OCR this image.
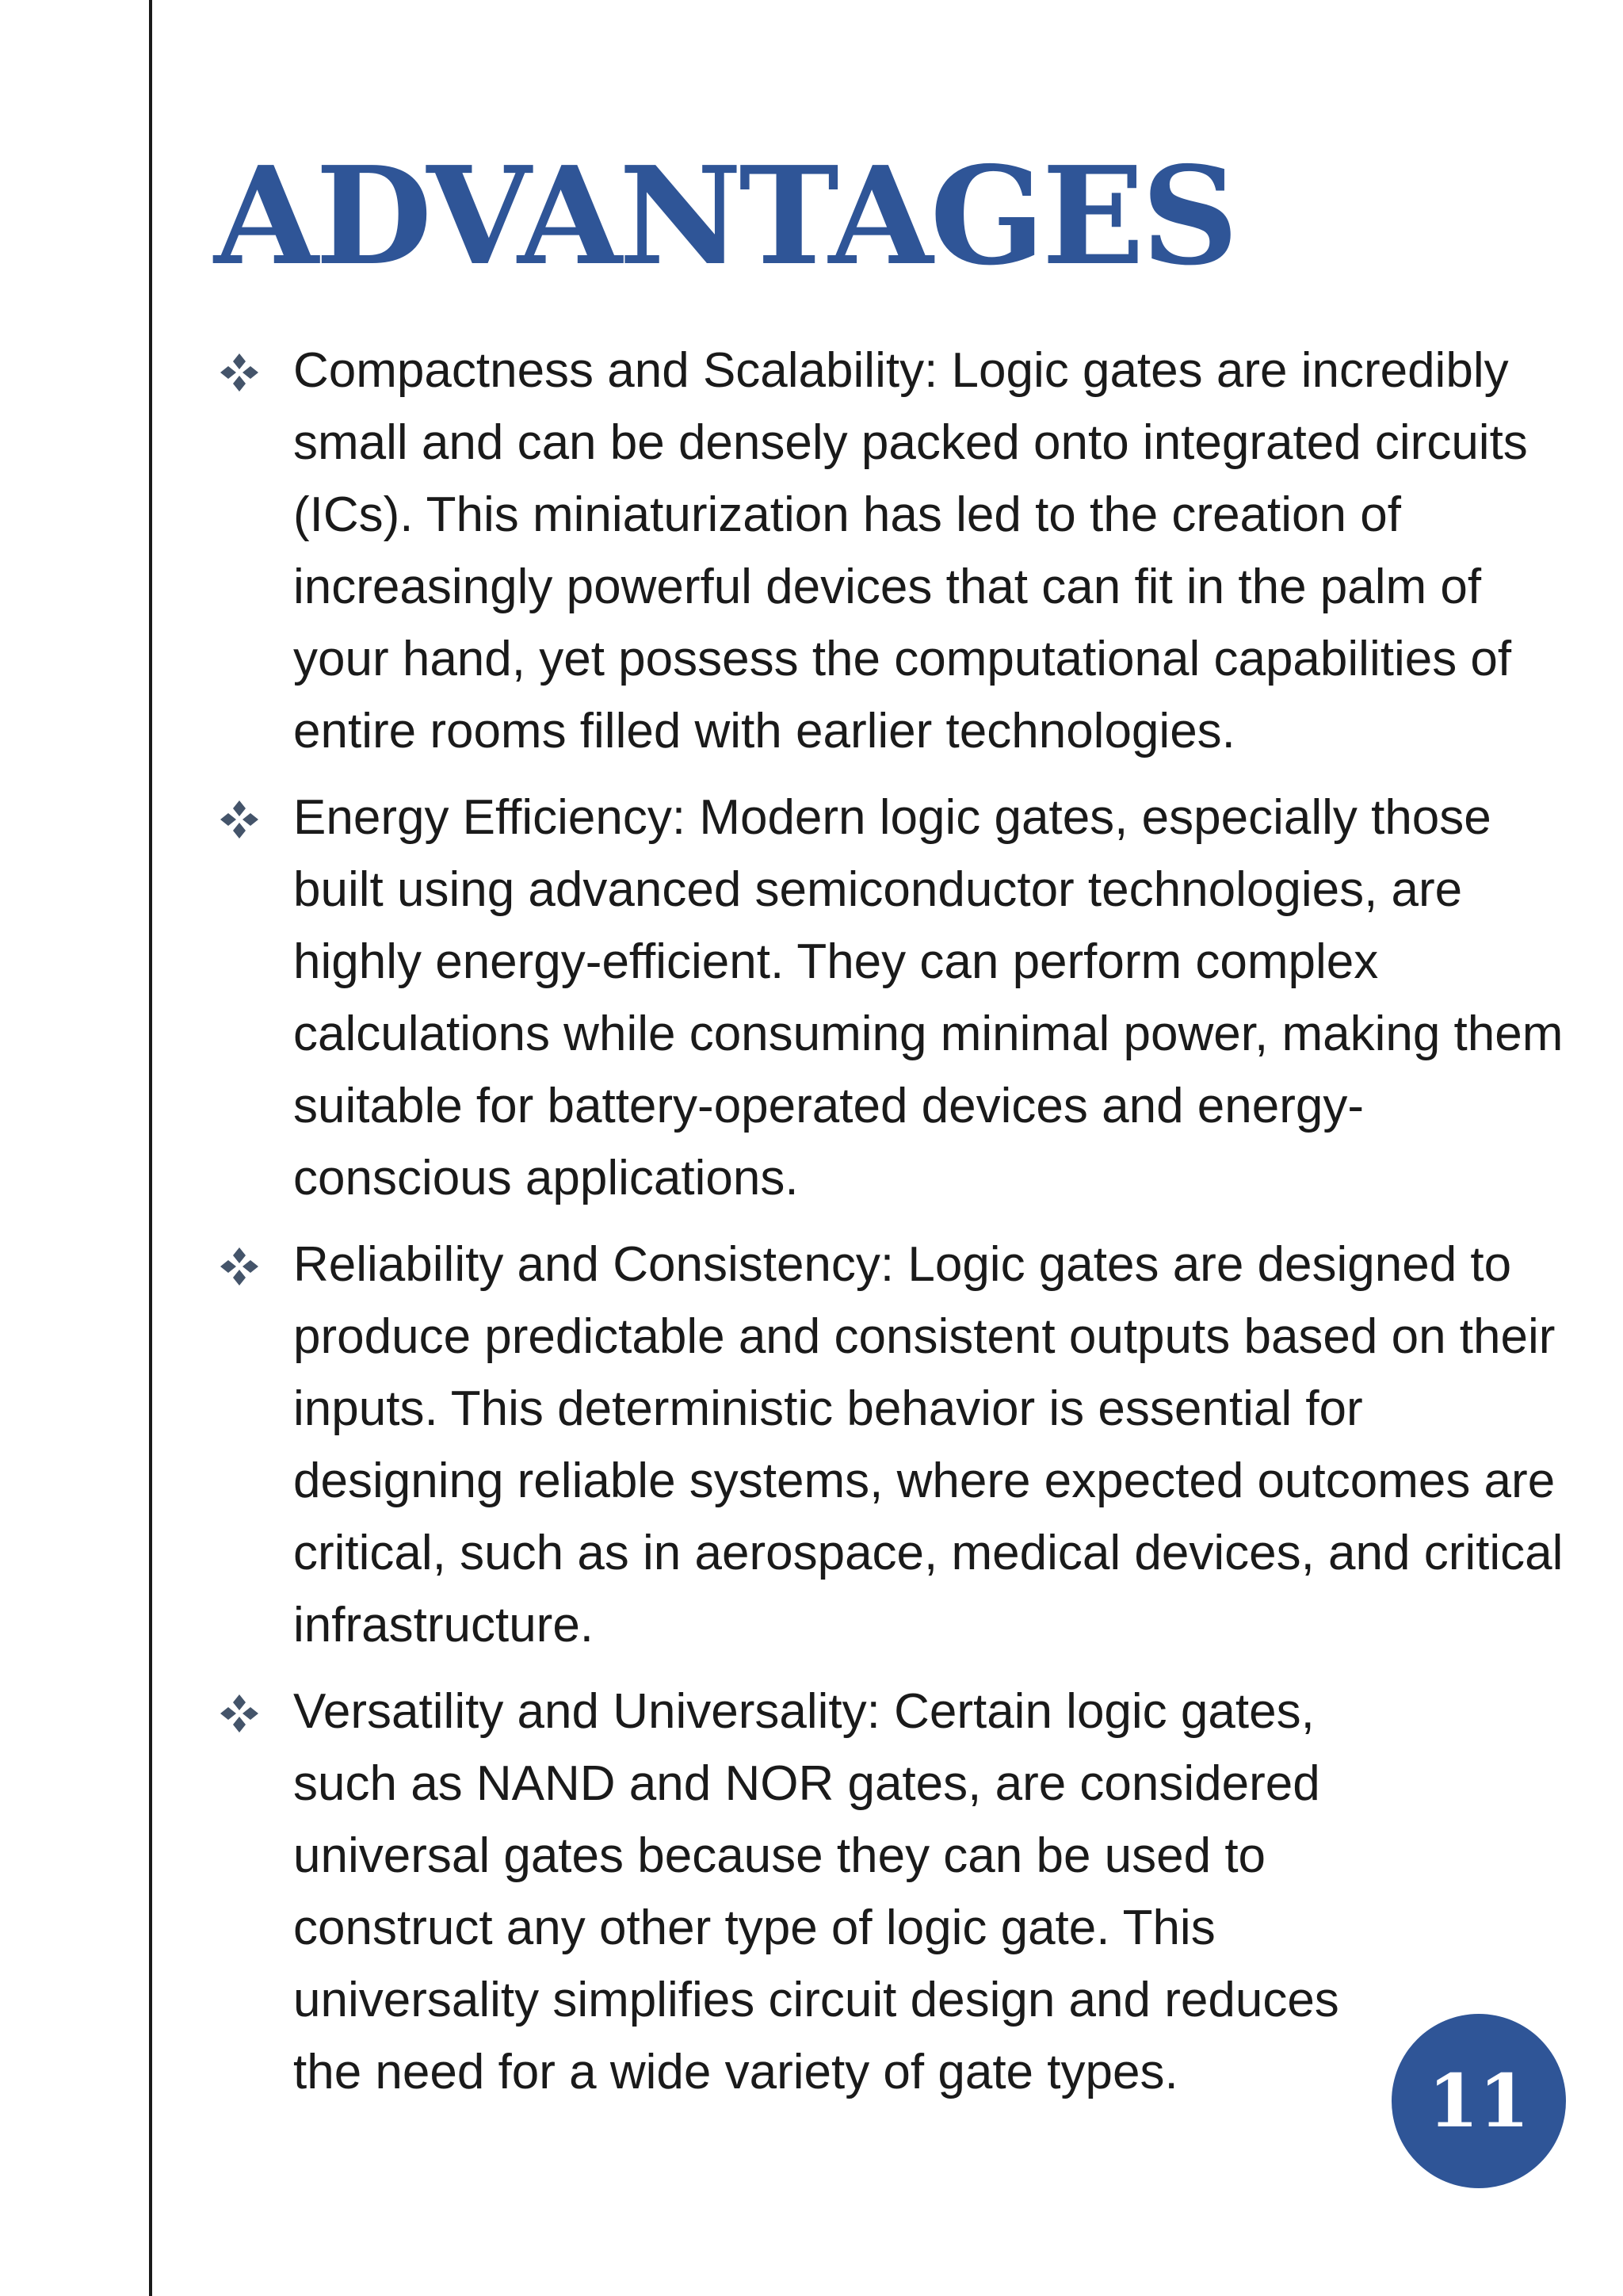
ADVANTAGES
Compactness and Scalability: Logic gates are incredibly small and can be densely packed onto integrated circuits (ICs). This miniaturization has led to the creation of increasingly powerful devices that can fit in the palm of your hand, yet possess the computational capabilities of entire rooms filled with earlier technologies.
Energy Efficiency: Modern logic gates, especially those built using advanced semiconductor technologies, are highly energy-efficient. They can perform complex calculations while consuming minimal power, making them suitable for battery-operated devices and energy-conscious applications.
Reliability and Consistency: Logic gates are designed to produce predictable and consistent outputs based on their inputs. This deterministic behavior is essential for designing reliable systems, where expected outcomes are critical, such as in aerospace, medical devices, and critical infrastructure.
Versatility and Universality: Certain logic gates, such as NAND and NOR gates, are considered universal gates because they can be used to construct any other type of logic gate. This universality simplifies circuit design and reduces the need for a wide variety of gate types.	11
